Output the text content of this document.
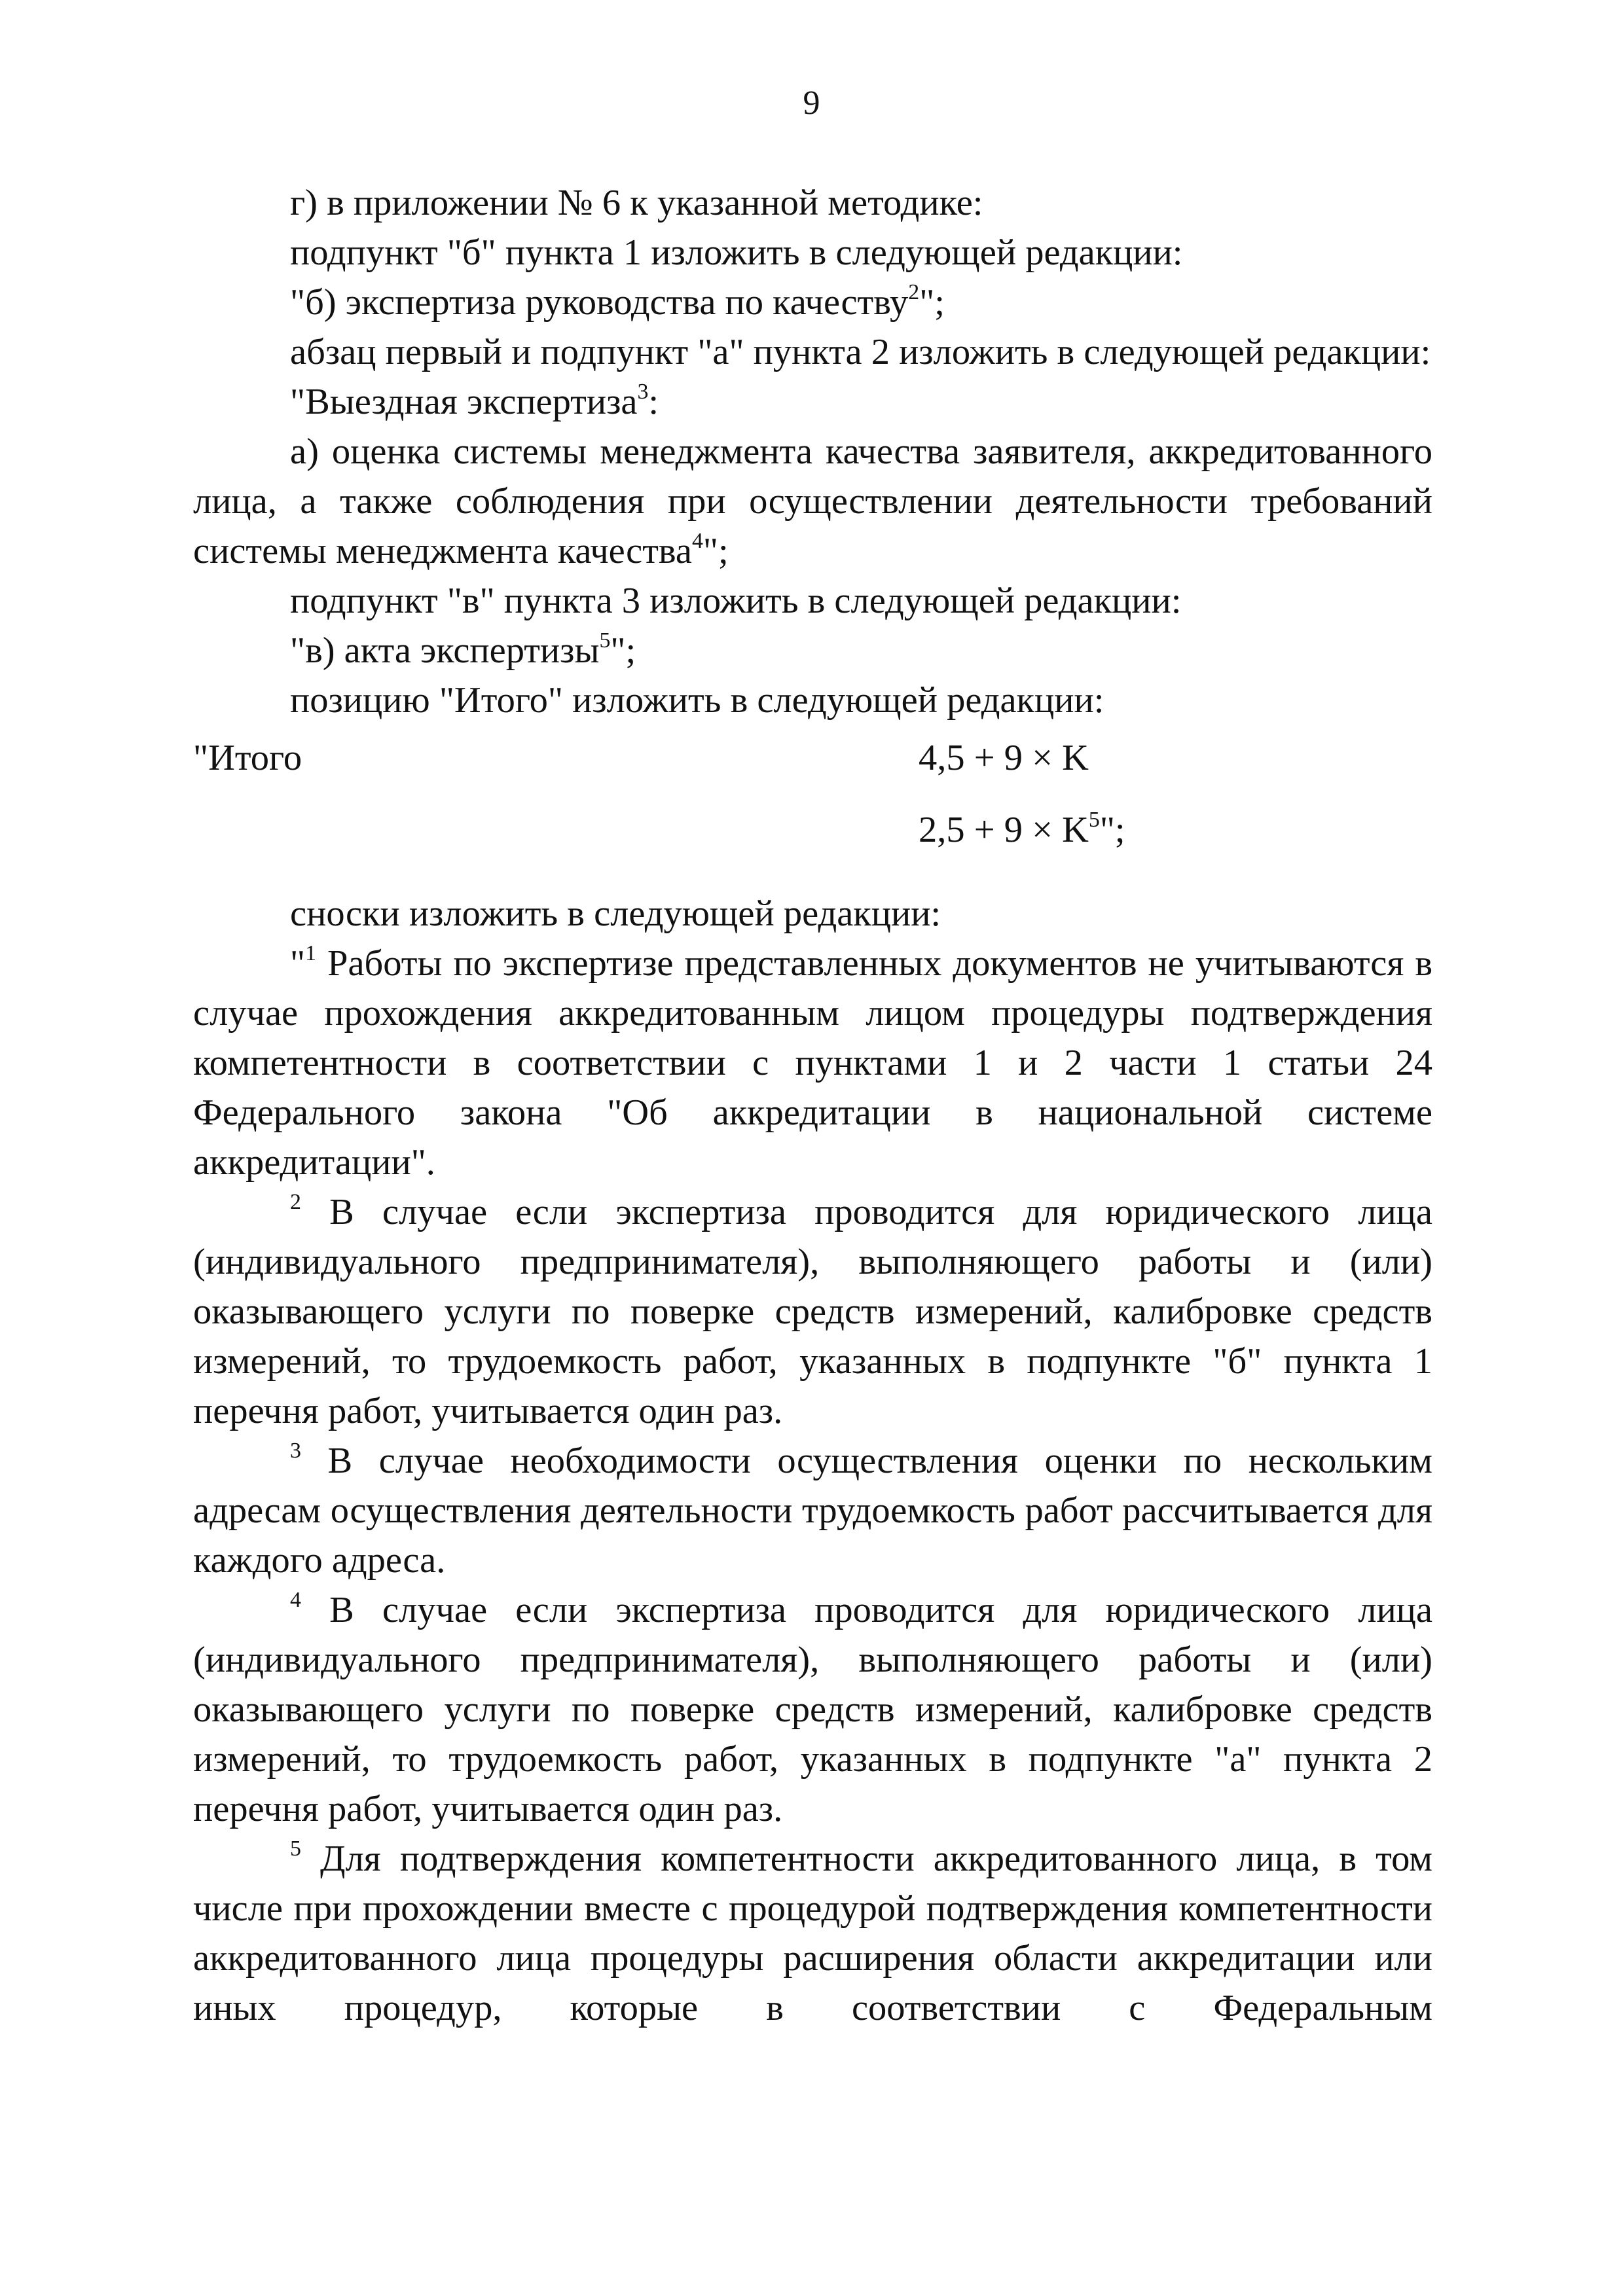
9

г) в приложении № 6 к указанной методике:

подпункт "б" пункта 1 изложить в следующей редакции:

"б) экспертиза руководства по качеству$^2$";

абзац первый и подпункт "а" пункта 2 изложить в следующей редакции:

"Выездная экспертиза$^3$:

а) оценка системы менеджмента качества заявителя, аккредитованного лица, а также соблюдения при осуществлении деятельности требований системы менеджмента качества$^4$";

подпункт "в" пункта 3 изложить в следующей редакции:

"в) акта экспертизы$^5$";

позицию "Итого" изложить в следующей редакции:

"Итого	4,5 + 9 × K
$2,5 + 9 \times K^5$";

сноски изложить в следующей редакции:

"$^1$ Работы по экспертизе представленных документов не учитываются в случае прохождения аккредитованным лицом процедуры подтверждения компетентности в соответствии с пунктами 1 и 2 части 1 статьи 24 Федерального закона "Об аккредитации в национальной системе аккредитации".

$^2$ В случае если экспертиза проводится для юридического лица (индивидуального предпринимателя), выполняющего работы и (или) оказывающего услуги по поверке средств измерений, калибровке средств измерений, то трудоемкость работ, указанных в подпункте "б" пункта 1 перечня работ, учитывается один раз.

$^3$ В случае необходимости осуществления оценки по нескольким адресам осуществления деятельности трудоемкость работ рассчитывается для каждого адреса.

$^4$ В случае если экспертиза проводится для юридического лица (индивидуального предпринимателя), выполняющего работы и (или) оказывающего услуги по поверке средств измерений, калибровке средств измерений, то трудоемкость работ, указанных в подпункте "а" пункта 2 перечня работ, учитывается один раз.

$^5$ Для подтверждения компетентности аккредитованного лица, в том числе при прохождении вместе с процедурой подтверждения компетентности аккредитованного лица процедуры расширения области аккредитации или иных процедур, которые в соответствии с Федеральным
